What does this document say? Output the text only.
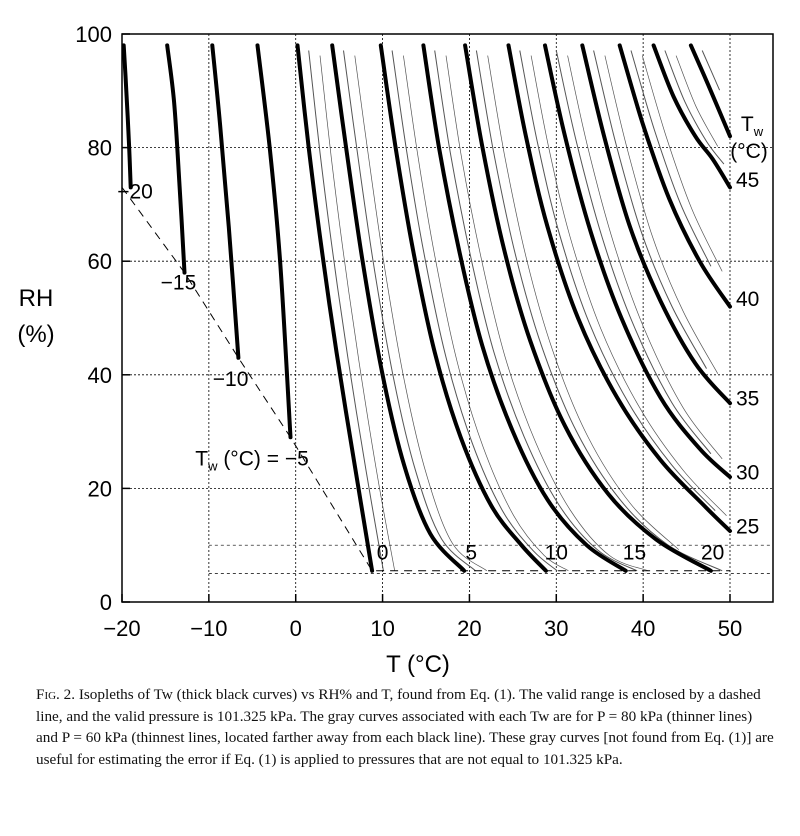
−20 −10	0	10	20	30	40	50
0
20
40
60
80
100
45
40
35
30
25
0	5	10	15	20
−20
−15
−10
$T_w$ (°C) = −5
RH
(%)
T (°C)
$T_w$
(°C)

Fig. 2. Isopleths of Tw (thick black curves) vs RH% and T, found from Eq. (1). The valid range is enclosed by a dashed line, and the valid pressure is 101.325 kPa. The gray curves associated with each Tw are for P = 80 kPa (thinner lines) and P = 60 kPa (thinnest lines, located farther away from each black line). These gray curves [not found from Eq. (1)] are useful for estimating the error if Eq. (1) is applied to pressures that are not equal to 101.325 kPa.
